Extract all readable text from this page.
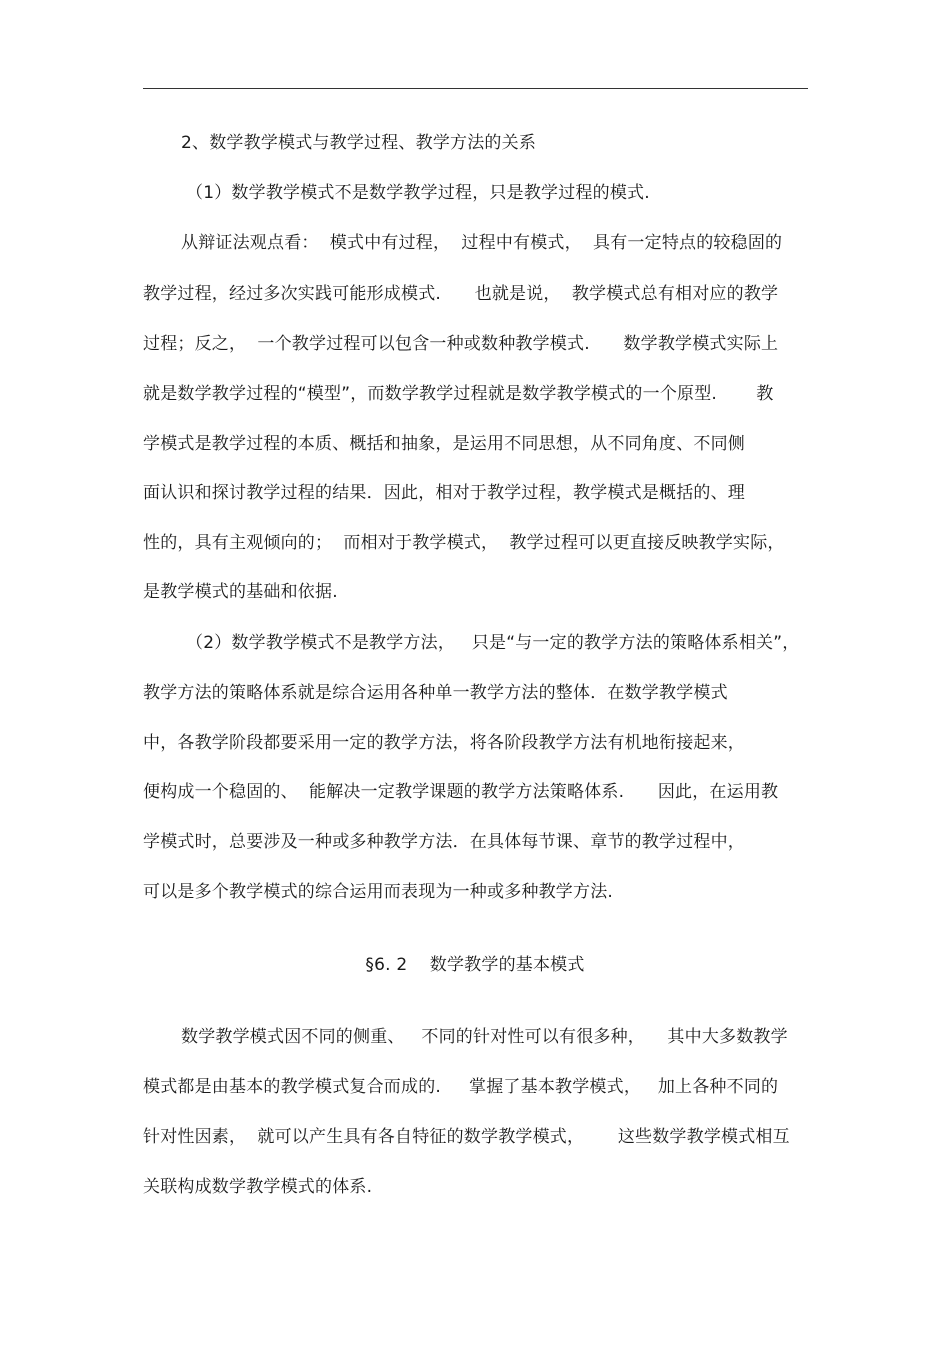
2、数学教学模式与教学过程、教学方法的关系
（1）数学教学模式不是数学教学过程，只是教学过程的模式.
从辩证法观点看：  模式中有过程，  过程中有模式，  具有一定特点的较稳固的
教学过程，经过多次实践可能形成模式.      也就是说，  教学模式总有相对应的教学
过程；反之，  一个教学过程可以包含一种或数种教学模式.      数学教学模式实际上
就是数学教学过程的“模型”，而数学教学过程就是数学教学模式的一个原型.       教
学模式是教学过程的本质、概括和抽象，是运用不同思想，从不同角度、不同侧
面认识和探讨教学过程的结果．因此，相对于教学过程，教学模式是概括的、理
性的，具有主观倾向的；  而相对于教学模式，  教学过程可以更直接反映教学实际，
是教学模式的基础和依据.
（2）数学教学模式不是教学方法，   只是“与一定的教学方法的策略体系相关”，
教学方法的策略体系就是综合运用各种单一教学方法的整体．在数学教学模式
中，各教学阶段都要采用一定的教学方法，将各阶段教学方法有机地衔接起来，
便构成一个稳固的、  能解决一定教学课题的教学方法策略体系.      因此，在运用教
学模式时，总要涉及一种或多种教学方法．在具体每节课、章节的教学过程中，
可以是多个教学模式的综合运用而表现为一种或多种教学方法.
§6. 2    数学教学的基本模式
数学教学模式因不同的侧重、   不同的针对性可以有很多种，    其中大多数教学
模式都是由基本的教学模式复合而成的.     掌握了基本教学模式，   加上各种不同的
针对性因素，  就可以产生具有各自特征的数学教学模式，      这些数学教学模式相互
关联构成数学教学模式的体系.
